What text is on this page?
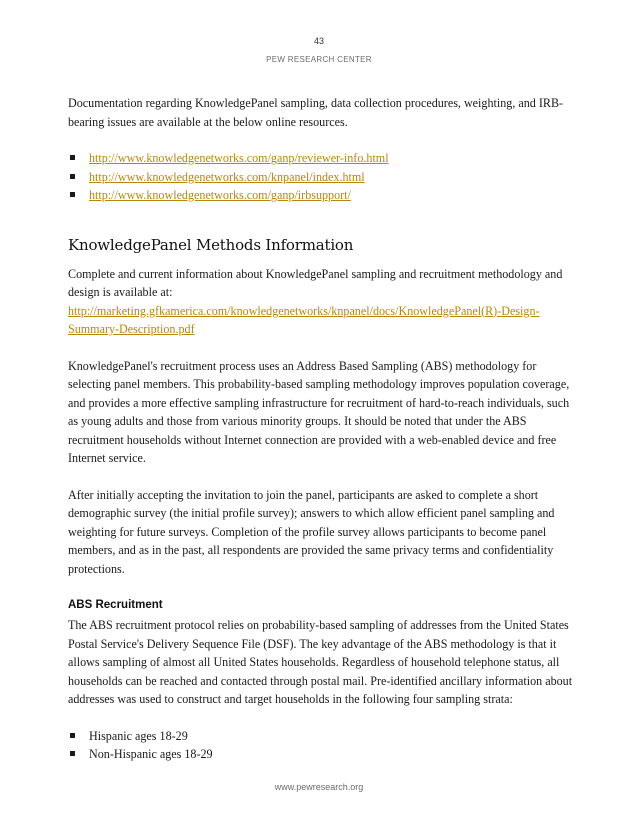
43
PEW RESEARCH CENTER

Documentation regarding KnowledgePanel sampling, data collection procedures, weighting, and IRB-bearing issues are available at the below online resources.

http://www.knowledgenetworks.com/ganp/reviewer-info.html
http://www.knowledgenetworks.com/knpanel/index.html
http://www.knowledgenetworks.com/ganp/irbsupport/
KnowledgePanel Methods Information

Complete and current information about KnowledgePanel sampling and recruitment methodology and design is available at:
http://marketing.gfkamerica.com/knowledgenetworks/knpanel/docs/KnowledgePanel(R)-Design-Summary-Description.pdf

KnowledgePanel's recruitment process uses an Address Based Sampling (ABS) methodology for selecting panel members. This probability-based sampling methodology improves population coverage, and provides a more effective sampling infrastructure for recruitment of hard-to-reach individuals, such as young adults and those from various minority groups. It should be noted that under the ABS recruitment households without Internet connection are provided with a web-enabled device and free Internet service.

After initially accepting the invitation to join the panel, participants are asked to complete a short demographic survey (the initial profile survey); answers to which allow efficient panel sampling and weighting for future surveys. Completion of the profile survey allows participants to become panel members, and as in the past, all respondents are provided the same privacy terms and confidentiality protections.

ABS Recruitment

The ABS recruitment protocol relies on probability-based sampling of addresses from the United States Postal Service's Delivery Sequence File (DSF). The key advantage of the ABS methodology is that it allows sampling of almost all United States households. Regardless of household telephone status, all households can be reached and contacted through postal mail. Pre-identified ancillary information about addresses was used to construct and target households in the following four sampling strata:

Hispanic ages 18-29
Non-Hispanic ages 18-29
www.pewresearch.org
